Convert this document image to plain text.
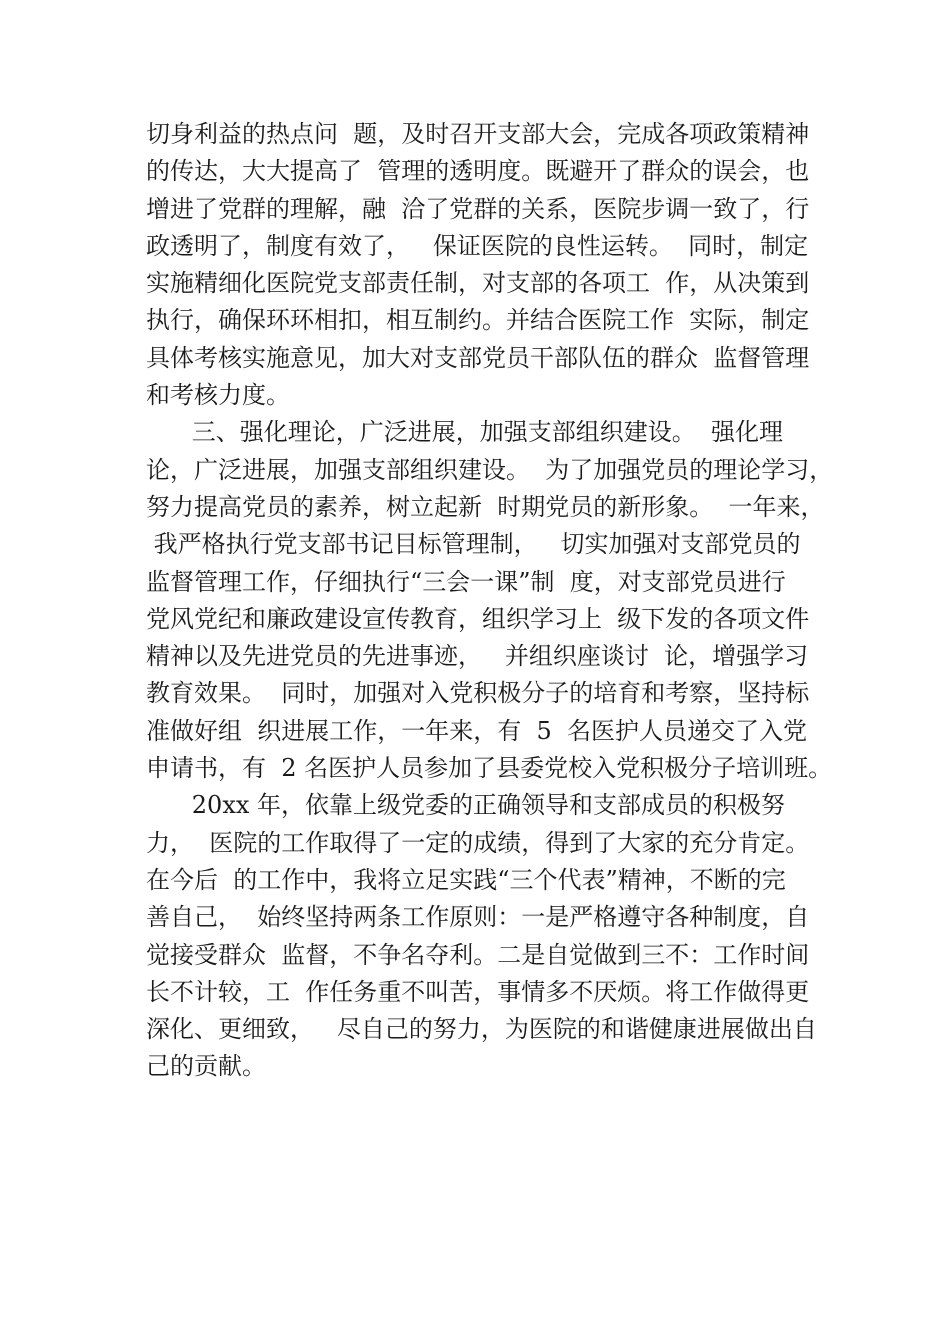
切身利益的热点问  题，及时召开支部大会，完成各项政策精神
的传达，大大提高了  管理的透明度。既避开了群众的误会，也
增进了党群的理解，融  洽了党群的关系，医院步调一致了，行
政透明了，制度有效了，   保证医院的良性运转。  同时，制定
实施精细化医院党支部责任制，对支部的各项工  作，从决策到
执行，确保环环相扣，相互制约。并结合医院工作  实际，制定
具体考核实施意见，加大对支部党员干部队伍的群众  监督管理
和考核力度。
三、强化理论，广泛进展，加强支部组织建设。  强化理
论，广泛进展，加强支部组织建设。  为了加强党员的理论学习，
努力提高党员的素养，树立起新  时期党员的新形象。  一年来，
我严格执行党支部书记目标管理制，   切实加强对支部党员的
监督管理工作，仔细执行“三会一课”制  度，对支部党员进行
党风党纪和廉政建设宣传教育，组织学习上  级下发的各项文件
精神以及先进党员的先进事迹，   并组织座谈讨  论，增强学习
教育效果。  同时，加强对入党积极分子的培育和考察，坚持标
准做好组  织进展工作，一年来，有  5  名医护人员递交了入党
申请书，有  2 名医护人员参加了县委党校入党积极分子培训班。
20xx 年，依靠上级党委的正确领导和支部成员的积极努
力，  医院的工作取得了一定的成绩，得到了大家的充分肯定。
在今后  的工作中，我将立足实践“三个代表”精神，不断的完
善自己，  始终坚持两条工作原则：一是严格遵守各种制度，自
觉接受群众  监督，不争名夺利。二是自觉做到三不：工作时间
长不计较，工  作任务重不叫苦，事情多不厌烦。将工作做得更
深化、更细致，   尽自己的努力，为医院的和谐健康进展做出自
己的贡献。
